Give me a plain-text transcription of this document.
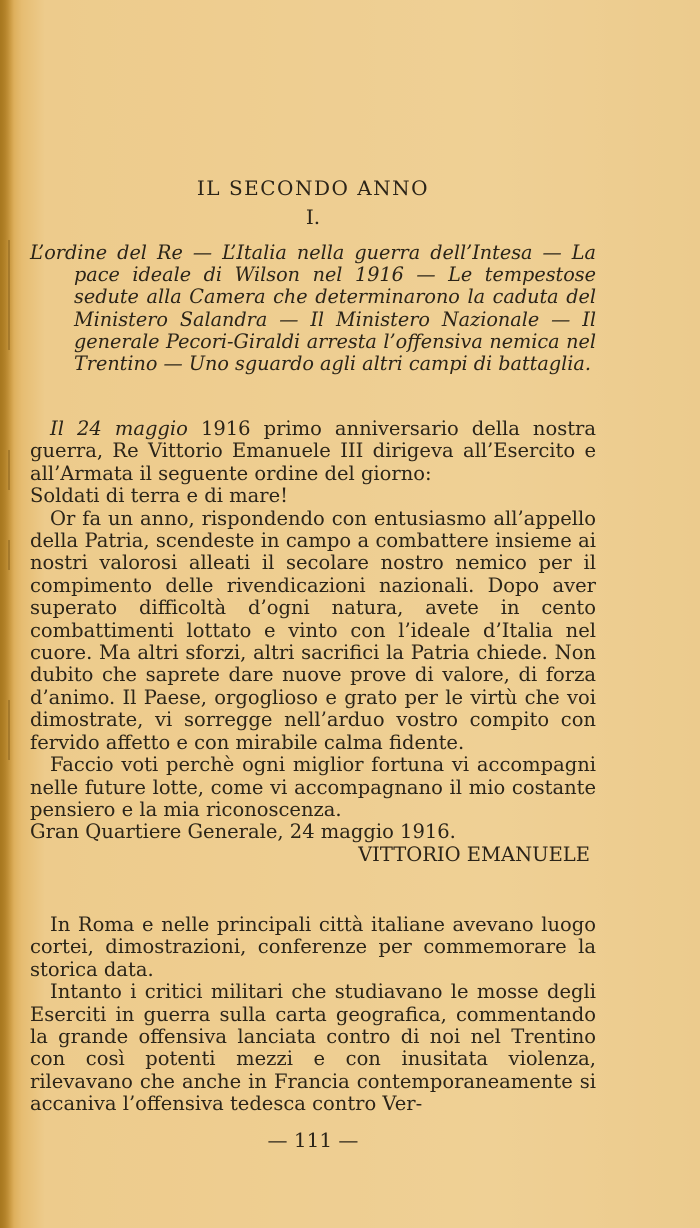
IL SECONDO ANNO
I.

L’ordine del Re — L’Italia nella guerra dell’Intesa — La pace ideale di Wilson nel 1916 — Le tempestose sedute alla Camera che determinarono la caduta del Ministero Salandra — Il Ministero Nazionale — Il generale Pecori-Giraldi arresta l’offensiva nemica nel Trentino — Uno sguardo agli altri campi di battaglia.

Il 24 maggio 1916 primo anniversario della nostra guerra, Re Vittorio Emanuele III dirigeva all’Esercito e all’Armata il seguente ordine del giorno:

Soldati di terra e di mare!

Or fa un anno, rispondendo con entusiasmo all’appello della Patria, scendeste in campo a combattere insieme ai nostri valorosi alleati il secolare nostro nemico per il compimento delle rivendicazioni nazionali. Dopo aver superato difficoltà d’ogni natura, avete in cento combattimenti lottato e vinto con l’ideale d’Italia nel cuore. Ma altri sforzi, altri sacrifici la Patria chiede. Non dubito che saprete dare nuove prove di valore, di forza d’animo. Il Paese, orgoglioso e grato per le virtù che voi dimostrate, vi sorregge nell’arduo vostro compito con fervido affetto e con mirabile calma fidente.

Faccio voti perchè ogni miglior fortuna vi accompagni nelle future lotte, come vi accompagnano il mio costante pensiero e la mia riconoscenza.

Gran Quartiere Generale, 24 maggio 1916.

VITTORIO EMANUELE

In Roma e nelle principali città italiane avevano luogo cortei, dimostrazioni, conferenze per commemorare la storica data.

Intanto i critici militari che studiavano le mosse degli Eserciti in guerra sulla carta geografica, commentando la grande offensiva lanciata contro di noi nel Trentino con così potenti mezzi e con inusitata violenza, rilevavano che anche in Francia contemporaneamente si accaniva l’offensiva tedesca contro Ver-

— 111 —
